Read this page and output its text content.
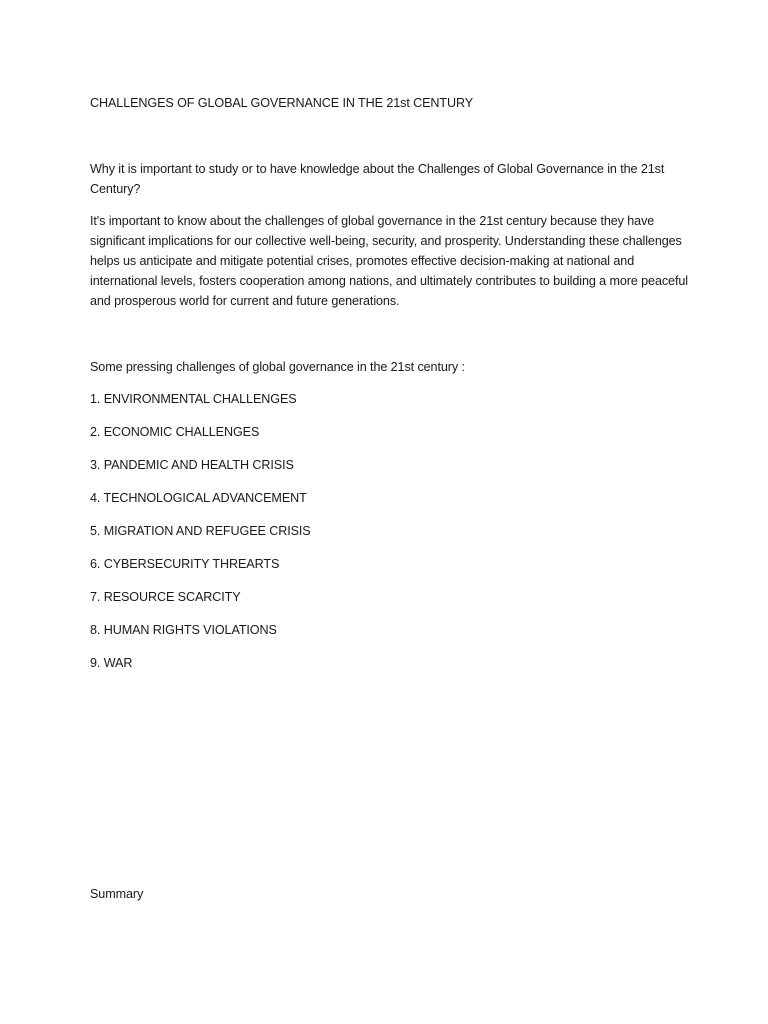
CHALLENGES OF GLOBAL GOVERNANCE IN THE 21st CENTURY
Why it is important to study or to have knowledge about the Challenges of Global Governance in the 21st Century?
It's important to know about the challenges of global governance in the 21st century because they have significant implications for our collective well-being, security, and prosperity. Understanding these challenges helps us anticipate and mitigate potential crises, promotes effective decision-making at national and international levels, fosters cooperation among nations, and ultimately contributes to building a more peaceful and prosperous world for current and future generations.
Some pressing challenges of global governance in the 21st century :
1. ENVIRONMENTAL CHALLENGES
2. ECONOMIC CHALLENGES
3. PANDEMIC AND HEALTH CRISIS
4. TECHNOLOGICAL ADVANCEMENT
5. MIGRATION AND REFUGEE CRISIS
6. CYBERSECURITY THREARTS
7. RESOURCE SCARCITY
8. HUMAN RIGHTS VIOLATIONS
9. WAR
Summary
